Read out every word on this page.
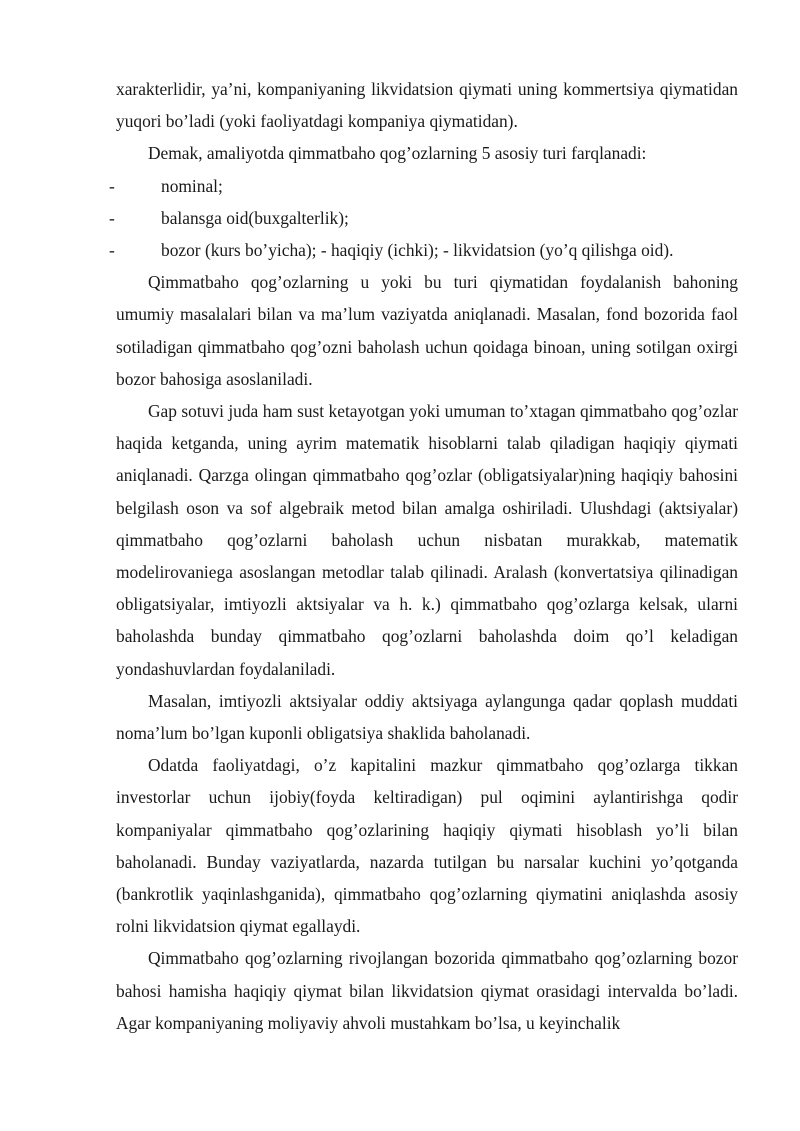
xarakterlidir, ya’ni, kompaniyaning likvidatsion qiymati uning kommertsiya qiymatidan yuqori bo’ladi (yoki faoliyatdagi kompaniya qiymatidan).

Demak, amaliyotda qimmatbaho qog’ozlarning 5 asosiy turi farqlanadi:

-	nominal;
-	balansga oid(buxgalterlik);
-	bozor (kurs bo’yicha); - haqiqiy (ichki); - likvidatsion (yo’q qilishga oid).

Qimmatbaho qog’ozlarning u yoki bu turi qiymatidan foydalanish bahoning umumiy masalalari bilan va ma’lum vaziyatda aniqlanadi. Masalan, fond bozorida faol sotiladigan qimmatbaho qog’ozni baholash uchun qoidaga binoan, uning sotilgan oxirgi bozor bahosiga asoslaniladi.

Gap sotuvi juda ham sust ketayotgan yoki umuman to’xtagan qimmatbaho qog’ozlar haqida ketganda, uning ayrim matematik hisoblarni talab qiladigan haqiqiy qiymati aniqlanadi. Qarzga olingan qimmatbaho qog’ozlar (obligatsiyalar)ning haqiqiy bahosini belgilash oson va sof algebraik metod bilan amalga oshiriladi. Ulushdagi (aktsiyalar) qimmatbaho qog’ozlarni baholash uchun nisbatan murakkab, matematik modelirovaniega asoslangan metodlar talab qilinadi. Aralash (konvertatsiya qilinadigan obligatsiyalar, imtiyozli aktsiyalar va h. k.) qimmatbaho qog’ozlarga kelsak, ularni baholashda bunday qimmatbaho qog’ozlarni baholashda doim qo’l keladigan yondashuvlardan foydalaniladi.

Masalan, imtiyozli aktsiyalar oddiy aktsiyaga aylangunga qadar qoplash muddati noma’lum bo’lgan kuponli obligatsiya shaklida baholanadi.

Odatda faoliyatdagi, o’z kapitalini mazkur qimmatbaho qog’ozlarga tikkan investorlar uchun ijobiy(foyda keltiradigan) pul oqimini aylantirishga qodir kompaniyalar qimmatbaho qog’ozlarining haqiqiy qiymati hisoblash yo’li bilan baholanadi. Bunday vaziyatlarda, nazarda tutilgan bu narsalar kuchini yo’qotganda (bankrotlik yaqinlashganida), qimmatbaho qog’ozlarning qiymatini aniqlashda asosiy rolni likvidatsion qiymat egallaydi.

Qimmatbaho qog’ozlarning rivojlangan bozorida qimmatbaho qog’ozlarning bozor bahosi hamisha haqiqiy qiymat bilan likvidatsion qiymat orasidagi intervalda bo’ladi. Agar kompaniyaning moliyaviy ahvoli mustahkam bo’lsa, u keyinchalik
